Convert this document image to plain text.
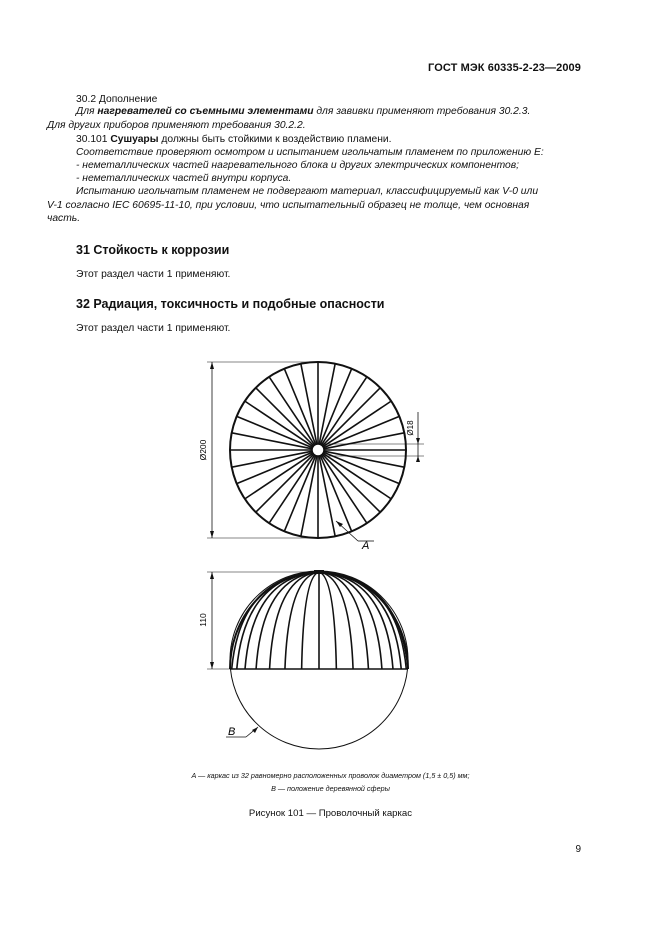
ГОСТ МЭК 60335-2-23—2009
30.2 Дополнение
Для нагревателей со съемными элементами для завивки применяют требования 30.2.3.
Для других приборов применяют требования 30.2.2.
30.101 Сушуары должны быть стойкими к воздействию пламени.
Соответствие проверяют осмотром и испытанием игольчатым пламенем по приложению Е:
- неметаллических частей нагревательного блока и других электрических компонентов;
- неметаллических частей внутри корпуса.
Испытанию игольчатым пламенем не подвергают материал, классифицируемый как V-0 или
V-1 согласно IEC 60695-11-10, при условии, что испытательный образец не толще, чем основная
часть.
31 Стойкость к коррозии
Этот раздел части 1 применяют.
32 Радиация, токсичность и подобные опасности
Этот раздел части 1 применяют.
Ø200
Ø18
A
110
B
A — каркас из 32 равномерно расположенных проволок диаметром (1,5 ± 0,5) мм;
B — положение деревянной сферы
Рисунок 101 — Проволочный каркас
9
